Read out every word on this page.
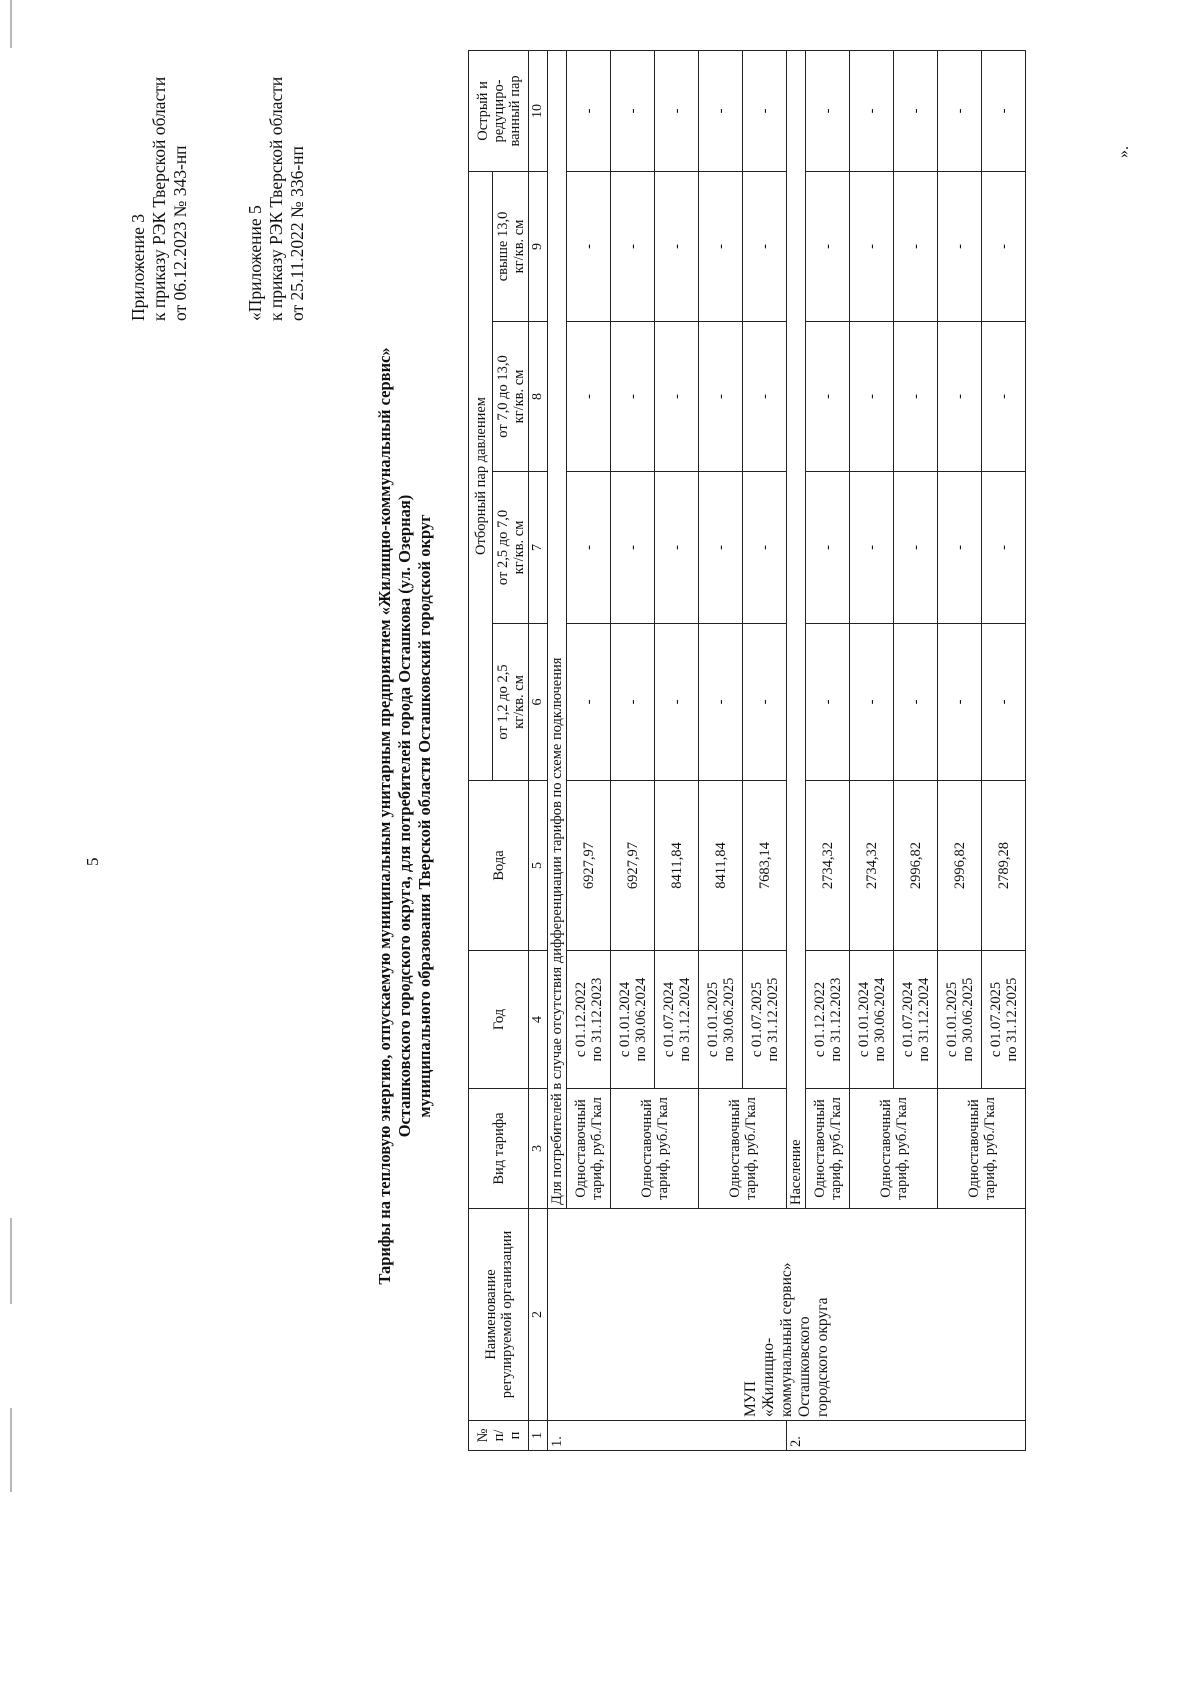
5
Приложение 3 к приказу РЭК Тверской области от 06.12.2023 № 343-нп	«Приложение 5 к приказу РЭК Тверской области от 25.11.2022 № 336-нп
Тарифы на тепловую энергию, отпускаемую муниципальным унитарным предприятием «Жилищно-коммунальный сервис» Осташковского городского округа, для потребителей города Осташкова (ул. Озерная) муниципального образования Тверской области Осташковский городской округ
№ п/ п	Наименование регулируемой организации	Вид тарифа	Год	Вода	Отборный пар давлением				Острый и редуциро- ванный пар

					от 1,2 до 2,5 кг/кв. см	от 2,5 до 7,0 кг/кв. см	от 7,0 до 13,0 кг/кв. см	свыше 13,0 кг/кв. см	

1	2	3	4	5	6	7	8	9	10
1.	МУП «Жилищно- коммунальный сервис» Осташковского городского округа	Для потребителей в случае отсутствия дифференциации тарифов по схеме подключения							

		Одноставочный тариф, руб./Гкал	с 01.12.2022 по 31.12.2023	6927,97	-	-	-	-	-

		Одноставочный тариф, руб./Гкал	с 01.01.2024 по 30.06.2024	6927,97	-	-	-	-	-

			с 01.07.2024 по 31.12.2024	8411,84	-	-	-	-	-

		Одноставочный тариф, руб./Гкал	с 01.01.2025 по 30.06.2025	8411,84	-	-	-	-	-

			с 01.07.2025 по 31.12.2025	7683,14	-	-	-	-	-
2.		Население							

		Одноставочный тариф, руб./Гкал	с 01.12.2022 по 31.12.2023	2734,32	-	-	-	-	-

		Одноставочный тариф, руб./Гкал	с 01.01.2024 по 30.06.2024	2734,32	-	-	-	-	-

			с 01.07.2024 по 31.12.2024	2996,82	-	-	-	-	-

		Одноставочный тариф, руб./Гкал	с 01.01.2025 по 30.06.2025	2996,82	-	-	-	-	-

			с 01.07.2025 по 31.12.2025	2789,28	-	-	-	-	-
».
